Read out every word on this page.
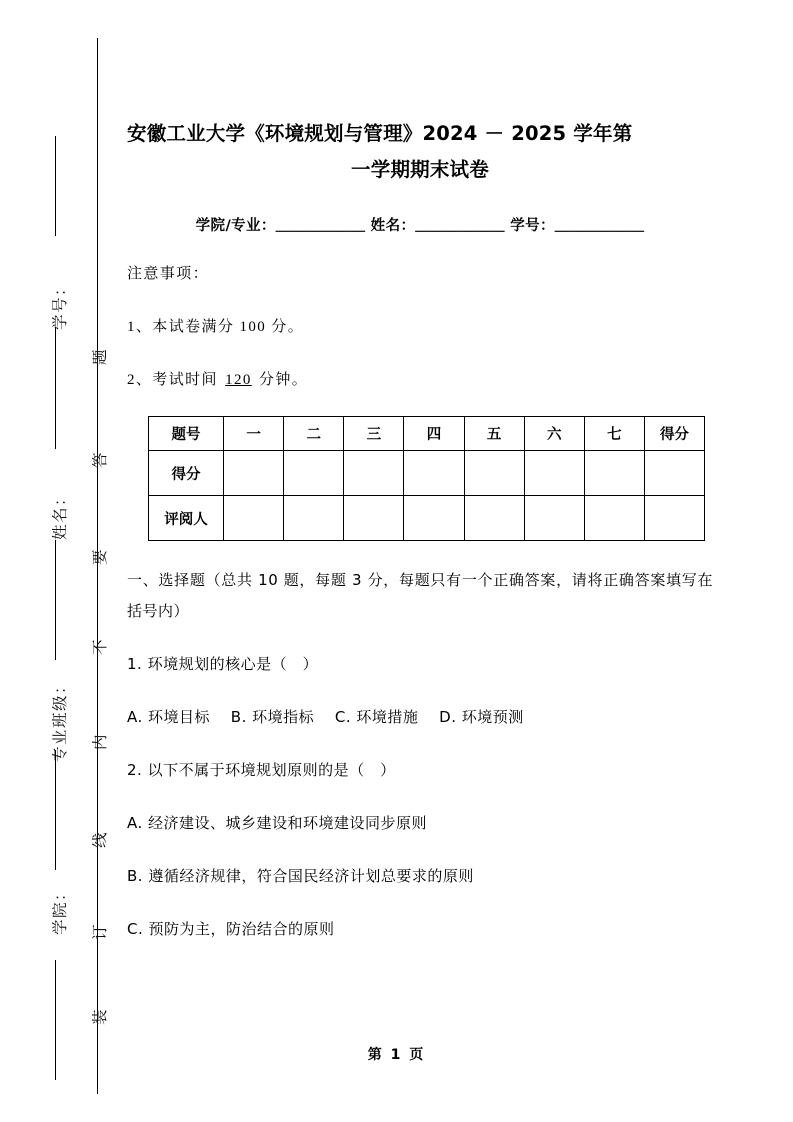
学号：
姓名：
专业班级：
学院：
题
答
要
不
内
线
订
装
安徽工业大学《环境规划与管理》2024 － 2025 学年第
一学期期末试卷
学院/专业：＿＿＿＿＿＿ 姓名：＿＿＿＿＿＿ 学号：＿＿＿＿＿＿
注意事项：
1、本试卷满分 100 分。
2、考试时间 120 分钟。
题号	一	二	三	四	五	六	七	得分
得分								
评阅人								
一、选择题（总共 10 题，每题 3 分，每题只有一个正确答案，请将正确答案填写在括号内）
1. 环境规划的核心是（　）
A. 环境目标　 B. 环境指标　 C. 环境措施　 D. 环境预测
2. 以下不属于环境规划原则的是（　）
A. 经济建设、城乡建设和环境建设同步原则
B. 遵循经济规律，符合国民经济计划总要求的原则
C. 预防为主，防治结合的原则
第 1 页
